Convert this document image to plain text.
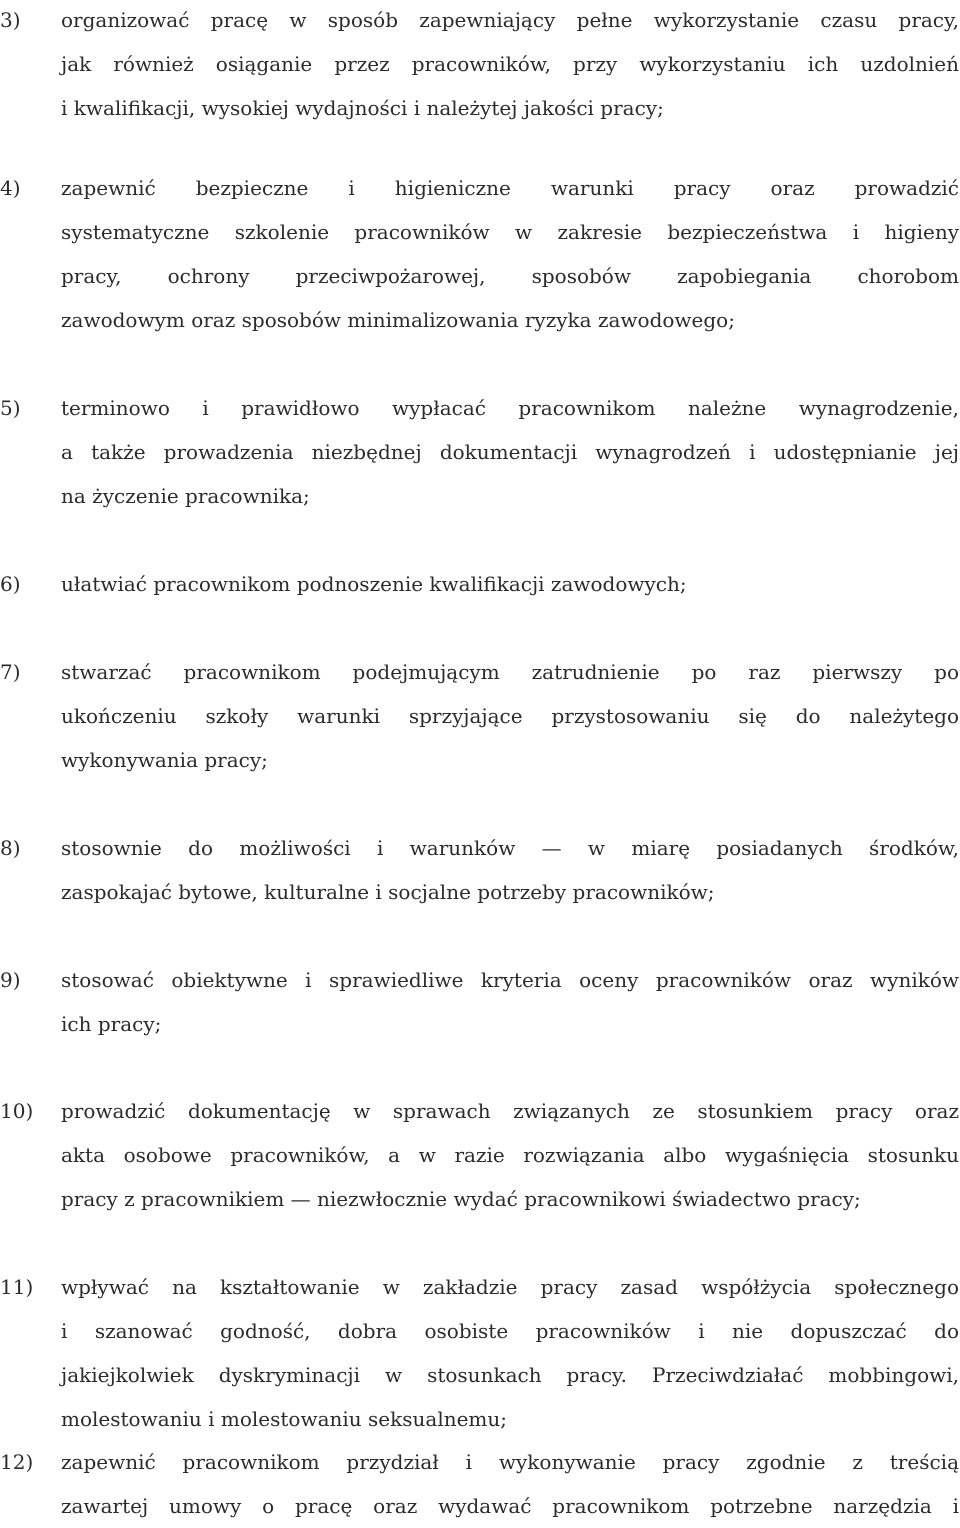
3) organizować pracę w sposób zapewniający pełne wykorzystanie czasu pracy,
jak również osiąganie przez pracowników, przy wykorzystaniu ich uzdolnień
i kwalifikacji, wysokiej wydajności i należytej jakości pracy;
4) zapewnić bezpieczne i higieniczne warunki pracy oraz prowadzić
systematyczne szkolenie pracowników w zakresie bezpieczeństwa i higieny
pracy, ochrony przeciwpożarowej, sposobów zapobiegania chorobom
zawodowym oraz sposobów minimalizowania ryzyka zawodowego;
5) terminowo i prawidłowo wypłacać pracownikom należne wynagrodzenie,
a także prowadzenia niezbędnej dokumentacji wynagrodzeń i udostępnianie jej
na życzenie pracownika;
6) ułatwiać pracownikom podnoszenie kwalifikacji zawodowych;
7) stwarzać pracownikom podejmującym zatrudnienie po raz pierwszy po
ukończeniu szkoły warunki sprzyjające przystosowaniu się do należytego
wykonywania pracy;
8) stosownie do możliwości i warunków — w miarę posiadanych środków,
zaspokajać bytowe, kulturalne i socjalne potrzeby pracowników;
9) stosować obiektywne i sprawiedliwe kryteria oceny pracowników oraz wyników
ich pracy;
10) prowadzić dokumentację w sprawach związanych ze stosunkiem pracy oraz
akta osobowe pracowników, a w razie rozwiązania albo wygaśnięcia stosunku
pracy z pracownikiem — niezwłocznie wydać pracownikowi świadectwo pracy;
11) wpływać na kształtowanie w zakładzie pracy zasad współżycia społecznego
i szanować godność, dobra osobiste pracowników i nie dopuszczać do
jakiejkolwiek dyskryminacji w stosunkach pracy. Przeciwdziałać mobbingowi,
molestowaniu i molestowaniu seksualnemu;
12) zapewnić pracownikom przydział i wykonywanie pracy zgodnie z treścią
zawartej umowy o pracę oraz wydawać pracownikom potrzebne narzędzia i
